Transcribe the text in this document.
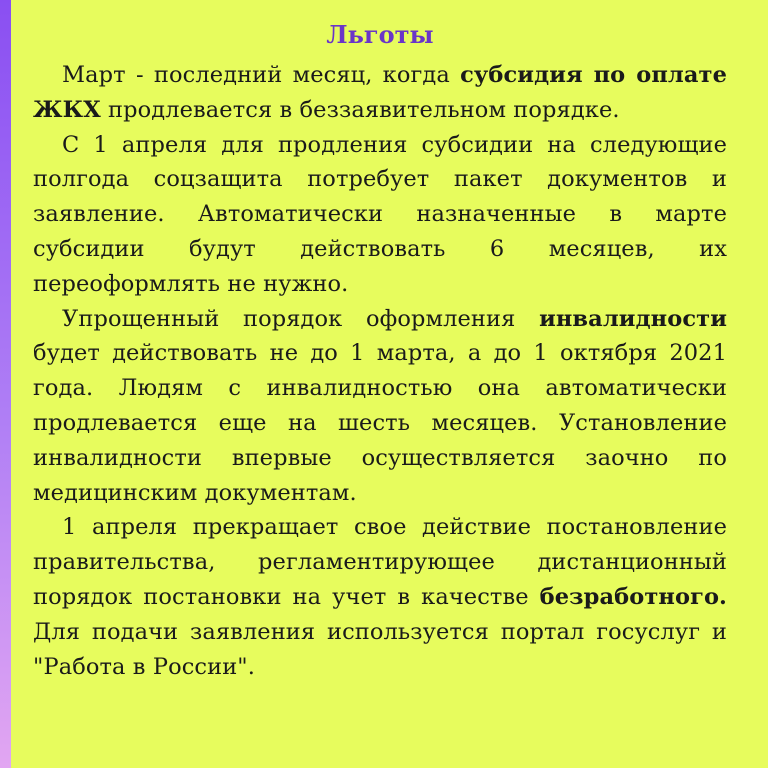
Льготы

Март - последний месяц, когда субсидия по оплате ЖКХ продлевается в беззаявительном порядке.

С 1 апреля для продления субсидии на следующие полгода соцзащита потребует пакет документов и заявление. Автоматически назначенные в марте субсидии будут действовать 6 месяцев, их переоформлять не нужно.

Упрощенный порядок оформления инвалидности будет действовать не до 1 марта, а до 1 октября 2021 года. Людям с инвалидностью она автоматически продлевается еще на шесть месяцев. Установление инвалидности впервые осуществляется заочно по медицинским документам.

1 апреля прекращает свое действие постановление правительства, регламентирующее дистанционный порядок постановки на учет в качестве безработного. Для подачи заявления используется портал госуслуг и "Работа в России".
